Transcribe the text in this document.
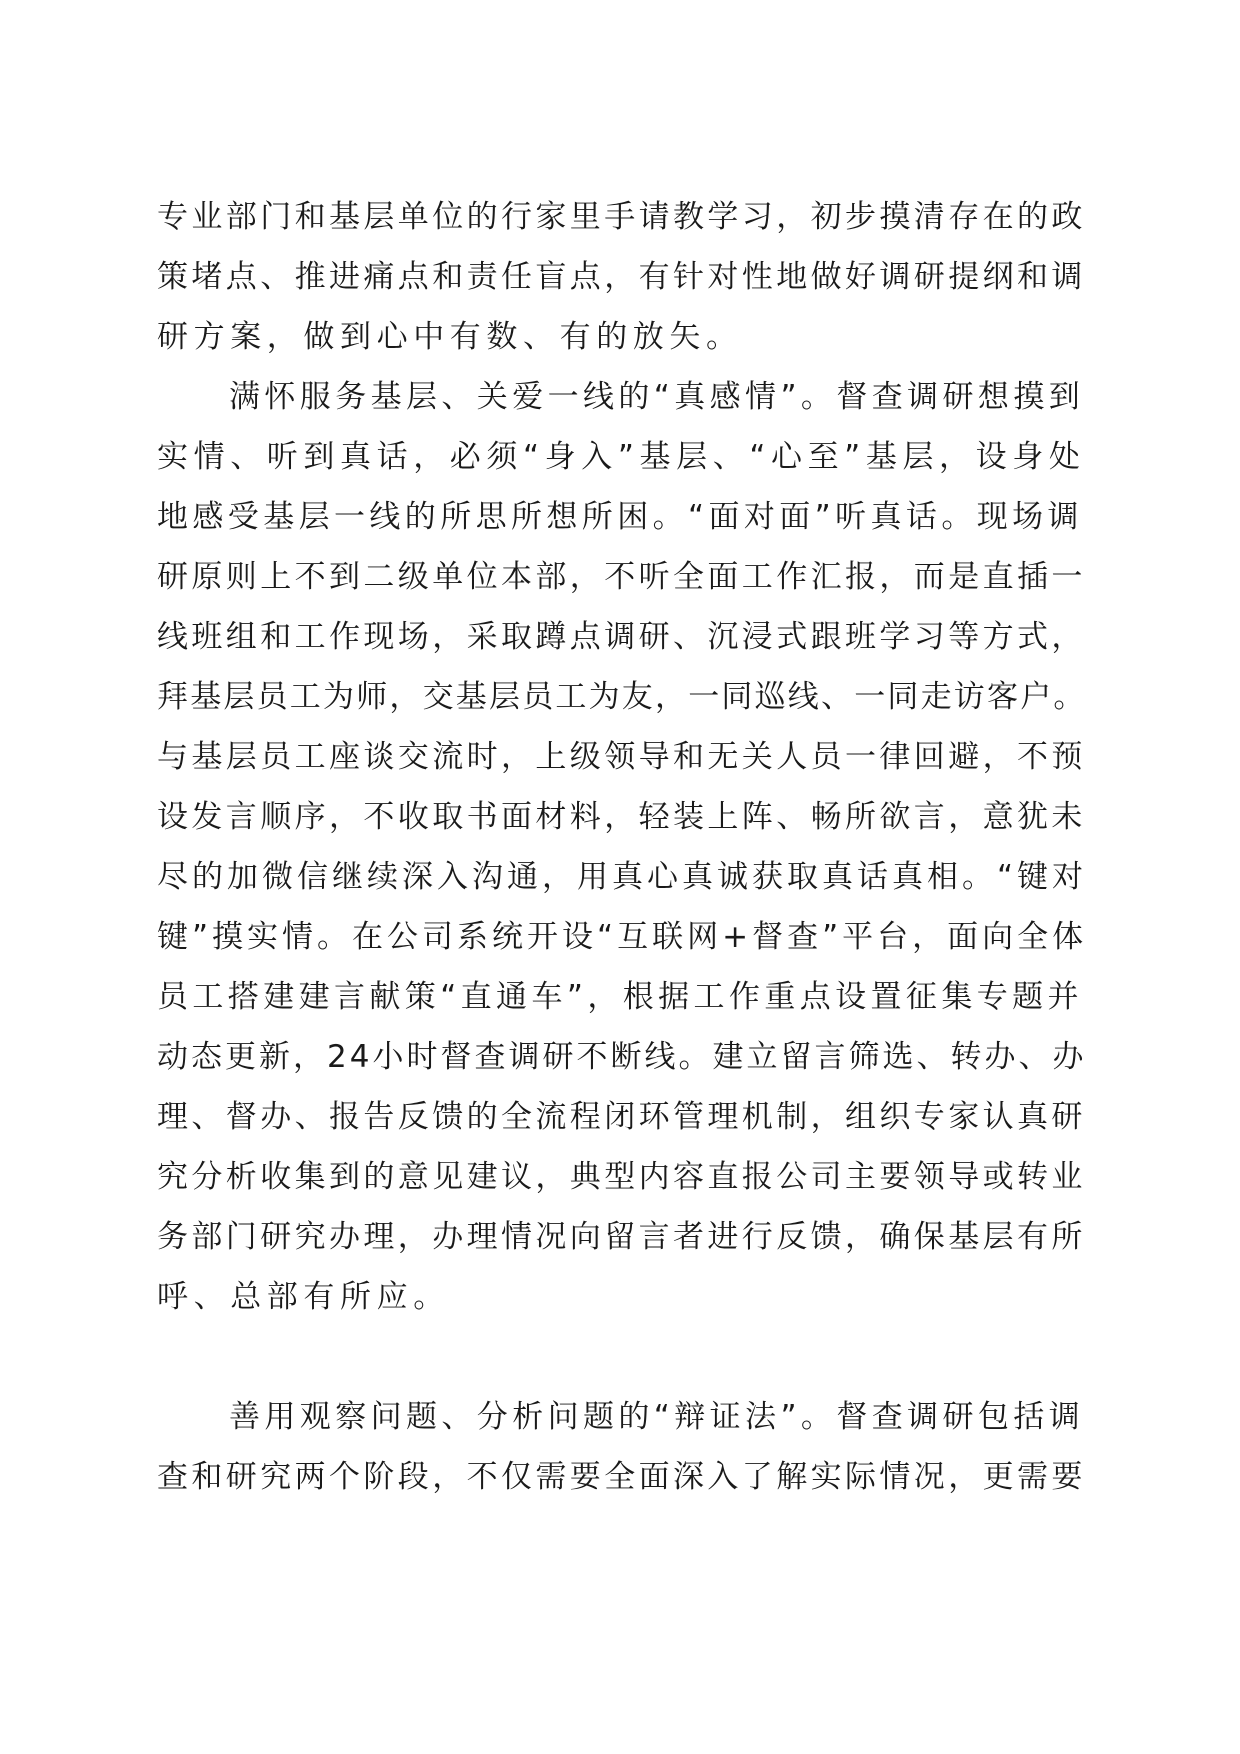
专业部门和基层单位的行家里手请教学习，初步摸清存在的政
策堵点、推进痛点和责任盲点，有针对性地做好调研提纲和调
研方案，做到心中有数、有的放矢。
满怀服务基层、关爱一线的“真感情”。督查调研想摸到
实情、听到真话，必须“身入”基层、“心至”基层，设身处
地感受基层一线的所思所想所困。“面对面”听真话。现场调
研原则上不到二级单位本部，不听全面工作汇报，而是直插一
线班组和工作现场，采取蹲点调研、沉浸式跟班学习等方式，
拜基层员工为师，交基层员工为友，一同巡线、一同走访客户。
与基层员工座谈交流时，上级领导和无关人员一律回避，不预
设发言顺序，不收取书面材料，轻装上阵、畅所欲言，意犹未
尽的加微信继续深入沟通，用真心真诚获取真话真相。“键对
键”摸实情。在公司系统开设“互联网+督查”平台，面向全体
员工搭建建言献策“直通车”，根据工作重点设置征集专题并
动态更新，24小时督查调研不断线。建立留言筛选、转办、办
理、督办、报告反馈的全流程闭环管理机制，组织专家认真研
究分析收集到的意见建议，典型内容直报公司主要领导或转业
务部门研究办理，办理情况向留言者进行反馈，确保基层有所
呼、总部有所应。
善用观察问题、分析问题的“辩证法”。督查调研包括调
查和研究两个阶段，不仅需要全面深入了解实际情况，更需要
